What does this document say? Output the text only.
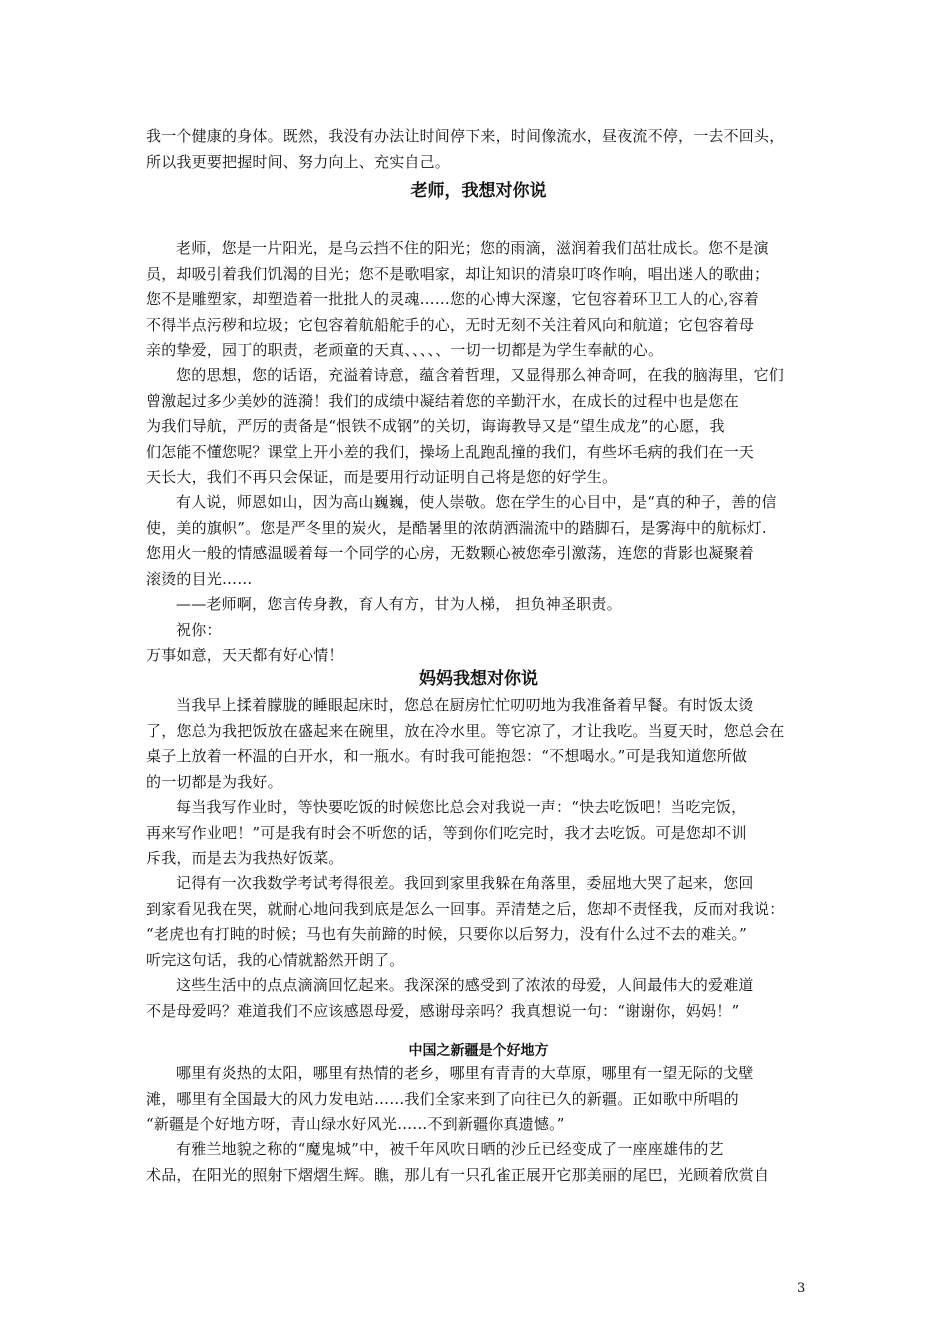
我一个健康的身体。既然，我没有办法让时间停下来，时间像流水，昼夜流不停，一去不回头，
所以我更要把握时间、努力向上、充实自己。
老师，我想对你说
老师，您是一片阳光，是乌云挡不住的阳光；您的雨滴，滋润着我们茁壮成长。您不是演
员，却吸引着我们饥渴的目光；您不是歌唱家，却让知识的清泉叮咚作响，唱出迷人的歌曲；
您不是雕塑家，却塑造着一批批人的灵魂……您的心博大深邃，它包容着环卫工人的心,容着
不得半点污秽和垃圾；它包容着航船舵手的心，无时无刻不关注着风向和航道；它包容着母
亲的挚爱，园丁的职责，老顽童的天真、、、、、一切一切都是为学生奉献的心。
您的思想，您的话语，充溢着诗意，蕴含着哲理，又显得那么神奇呵，在我的脑海里，它们
曾激起过多少美妙的涟漪！我们的成绩中凝结着您的辛勤汗水，在成长的过程中也是您在
为我们导航，严厉的责备是“恨铁不成钢”的关切，诲诲教导又是“望生成龙”的心愿，我
们怎能不懂您呢？课堂上开小差的我们，操场上乱跑乱撞的我们，有些坏毛病的我们在一天
天长大，我们不再只会保证，而是要用行动证明自己将是您的好学生。
有人说，师恩如山，因为高山巍巍，使人崇敬。您在学生的心目中，是“真的种子，善的信
使，美的旗帜”。您是严冬里的炭火，是酷暑里的浓荫洒湍流中的踏脚石，是雾海中的航标灯.
您用火一般的情感温暖着每一个同学的心房，无数颗心被您牵引激荡，连您的背影也凝聚着
滚烫的目光……
——老师啊，您言传身教，育人有方，甘为人梯， 担负神圣职责。
祝你：
万事如意，天天都有好心情！
妈妈我想对你说
当我早上揉着朦胧的睡眼起床时，您总在厨房忙忙叨叨地为我准备着早餐。有时饭太烫
了，您总为我把饭放在盛起来在碗里，放在冷水里。等它凉了，才让我吃。当夏天时，您总会在
桌子上放着一杯温的白开水，和一瓶水。有时我可能抱怨：“不想喝水。”可是我知道您所做
的一切都是为我好。
每当我写作业时，等快要吃饭的时候您比总会对我说一声：“快去吃饭吧！当吃完饭，
再来写作业吧！”可是我有时会不听您的话，等到你们吃完时，我才去吃饭。可是您却不训
斥我，而是去为我热好饭菜。
记得有一次我数学考试考得很差。我回到家里我躲在角落里，委屈地大哭了起来，您回
到家看见我在哭，就耐心地问我到底是怎么一回事。弄清楚之后，您却不责怪我，反而对我说：
“老虎也有打盹的时候；马也有失前蹄的时候，只要你以后努力，没有什么过不去的难关。”
听完这句话，我的心情就豁然开朗了。
这些生活中的点点滴滴回忆起来。我深深的感受到了浓浓的母爱，人间最伟大的爱难道
不是母爱吗？难道我们不应该感恩母爱，感谢母亲吗？我真想说一句：“谢谢你，妈妈！”
中国之新疆是个好地方
哪里有炎热的太阳，哪里有热情的老乡，哪里有青青的大草原，哪里有一望无际的戈壁
滩，哪里有全国最大的风力发电站……我们全家来到了向往已久的新疆。正如歌中所唱的
“新疆是个好地方呀，青山绿水好风光……不到新疆你真遗憾。”
有雅兰地貌之称的“魔鬼城”中，被千年风吹日晒的沙丘已经变成了一座座雄伟的艺
术品，在阳光的照射下熠熠生辉。瞧，那儿有一只孔雀正展开它那美丽的尾巴，光顾着欣赏自
3
